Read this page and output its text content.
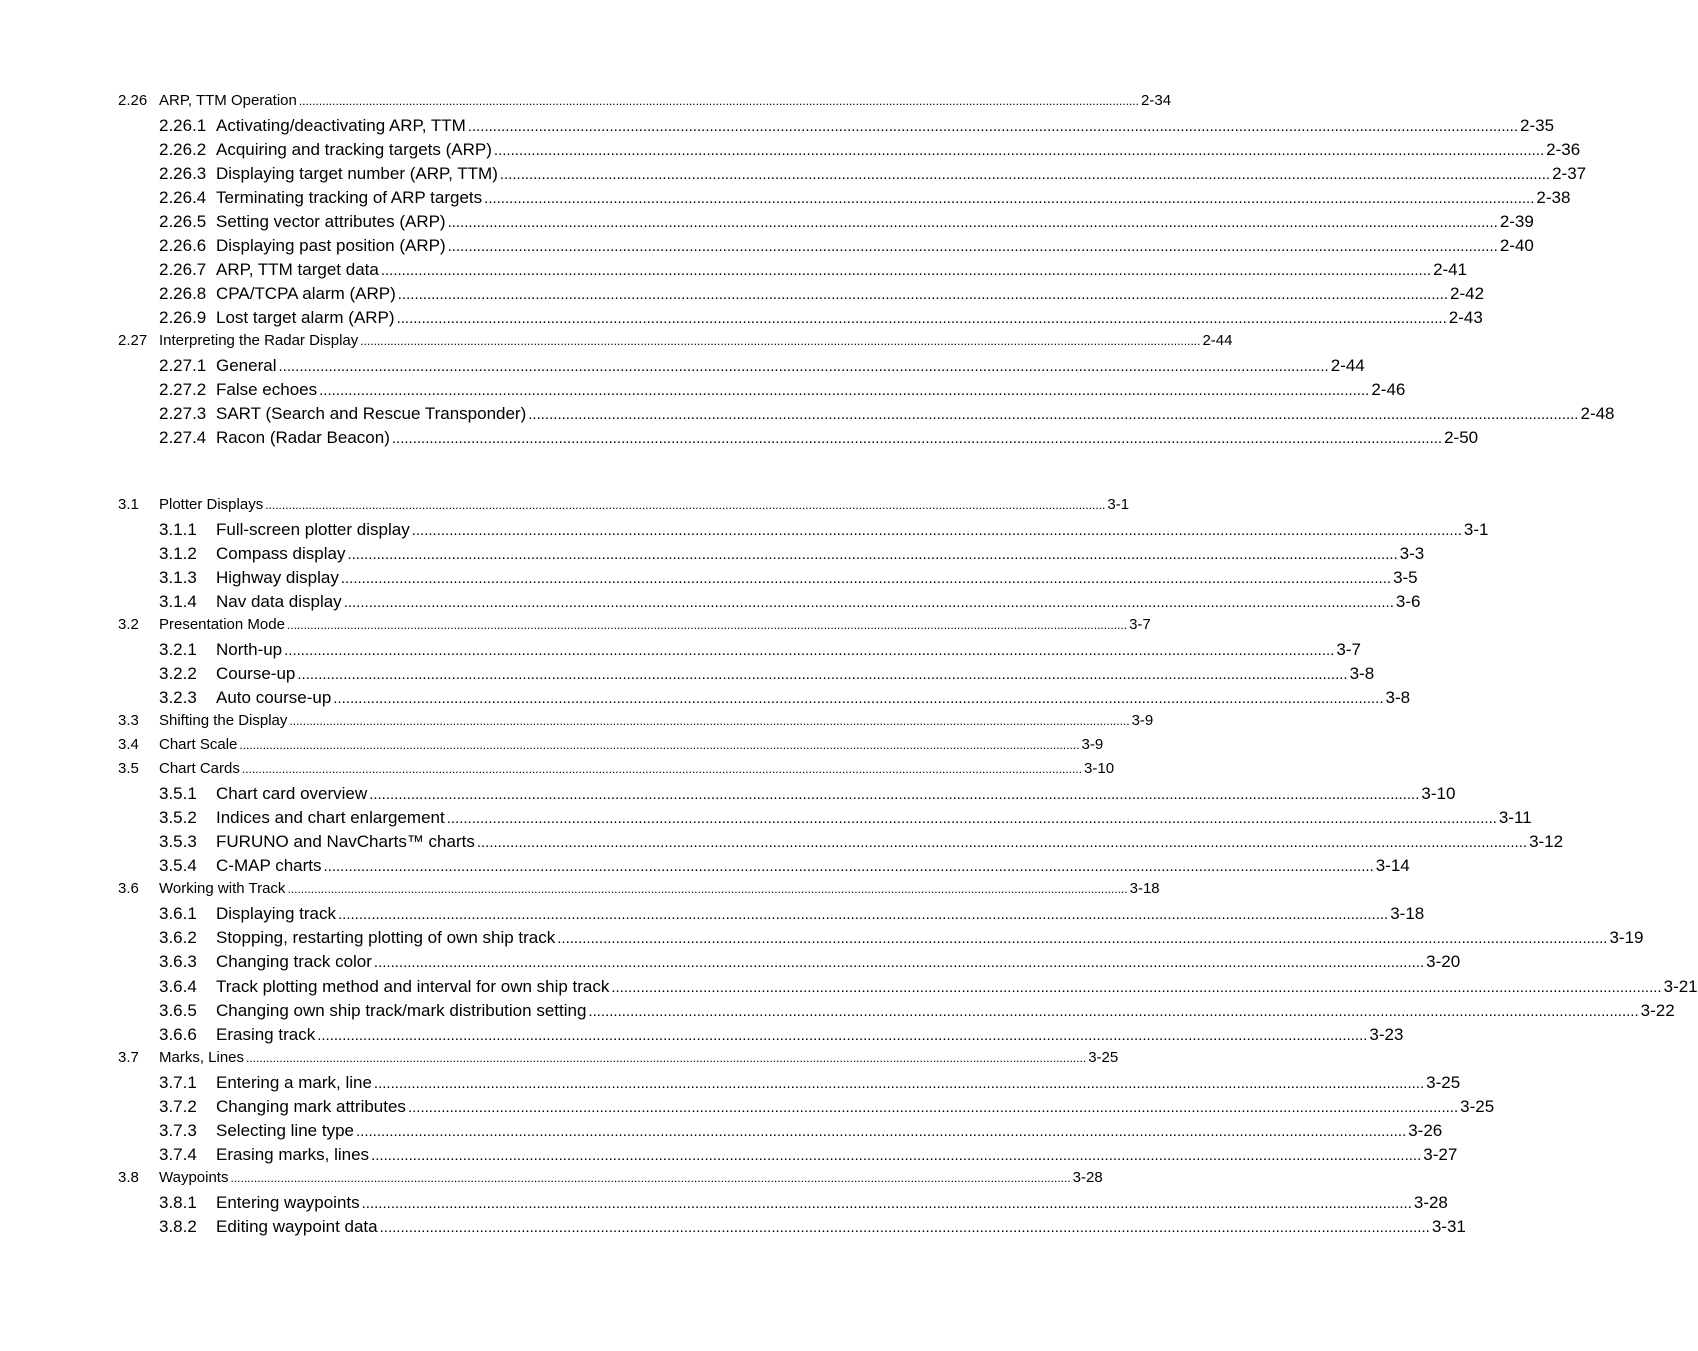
2.26 ARP, TTM Operation ............................................................................................................................................................................................................................................................ 2-34
2.26.1 Activating/deactivating ARP, TTM ............................................................................................................................................................................................................................................................ 2-35
2.26.2 Acquiring and tracking targets (ARP) ............................................................................................................................................................................................................................................................ 2-36
2.26.3 Displaying target number (ARP, TTM) ............................................................................................................................................................................................................................................................ 2-37
2.26.4 Terminating tracking of ARP targets ............................................................................................................................................................................................................................................................ 2-38
2.26.5 Setting vector attributes (ARP) ............................................................................................................................................................................................................................................................ 2-39
2.26.6 Displaying past position (ARP) ............................................................................................................................................................................................................................................................ 2-40
2.26.7 ARP, TTM target data ............................................................................................................................................................................................................................................................ 2-41
2.26.8 CPA/TCPA alarm (ARP) ............................................................................................................................................................................................................................................................ 2-42
2.26.9 Lost target alarm (ARP) ............................................................................................................................................................................................................................................................ 2-43
2.27 Interpreting the Radar Display ............................................................................................................................................................................................................................................................ 2-44
2.27.1 General ............................................................................................................................................................................................................................................................ 2-44
2.27.2 False echoes ............................................................................................................................................................................................................................................................ 2-46
2.27.3 SART (Search and Rescue Transponder) ............................................................................................................................................................................................................................................................ 2-48
2.27.4 Racon (Radar Beacon) ............................................................................................................................................................................................................................................................ 2-50
3.1	Plotter Displays ............................................................................................................................................................................................................................................................ 3-1
3.1.1	Full-screen plotter display ............................................................................................................................................................................................................................................................ 3-1
3.1.2	Compass display ............................................................................................................................................................................................................................................................ 3-3
3.1.3	Highway display ............................................................................................................................................................................................................................................................ 3-5
3.1.4	Nav data display ............................................................................................................................................................................................................................................................ 3-6
3.2	Presentation Mode ............................................................................................................................................................................................................................................................ 3-7
3.2.1	North-up ............................................................................................................................................................................................................................................................ 3-7
3.2.2	Course-up ............................................................................................................................................................................................................................................................ 3-8
3.2.3	Auto course-up ............................................................................................................................................................................................................................................................ 3-8
3.3	Shifting the Display ............................................................................................................................................................................................................................................................ 3-9
3.4	Chart Scale ............................................................................................................................................................................................................................................................ 3-9
3.5	Chart Cards ............................................................................................................................................................................................................................................................ 3-10
3.5.1	Chart card overview ............................................................................................................................................................................................................................................................ 3-10
3.5.2	Indices and chart enlargement ............................................................................................................................................................................................................................................................ 3-11
3.5.3	FURUNO and NavCharts™ charts ............................................................................................................................................................................................................................................................ 3-12
3.5.4	C-MAP charts ............................................................................................................................................................................................................................................................ 3-14
3.6	Working with Track ............................................................................................................................................................................................................................................................ 3-18
3.6.1	Displaying track ............................................................................................................................................................................................................................................................ 3-18
3.6.2	Stopping, restarting plotting of own ship track ............................................................................................................................................................................................................................................................ 3-19
3.6.3	Changing track color ............................................................................................................................................................................................................................................................ 3-20
3.6.4	Track plotting method and interval for own ship track ............................................................................................................................................................................................................................................................ 3-21
3.6.5	Changing own ship track/mark distribution setting ............................................................................................................................................................................................................................................................ 3-22
3.6.6	Erasing track ............................................................................................................................................................................................................................................................ 3-23
3.7	Marks, Lines ............................................................................................................................................................................................................................................................ 3-25
3.7.1	Entering a mark, line ............................................................................................................................................................................................................................................................ 3-25
3.7.2	Changing mark attributes ............................................................................................................................................................................................................................................................ 3-25
3.7.3	Selecting line type ............................................................................................................................................................................................................................................................ 3-26
3.7.4	Erasing marks, lines ............................................................................................................................................................................................................................................................ 3-27
3.8	Waypoints ............................................................................................................................................................................................................................................................ 3-28
3.8.1	Entering waypoints ............................................................................................................................................................................................................................................................ 3-28
3.8.2	Editing waypoint data ............................................................................................................................................................................................................................................................ 3-31
